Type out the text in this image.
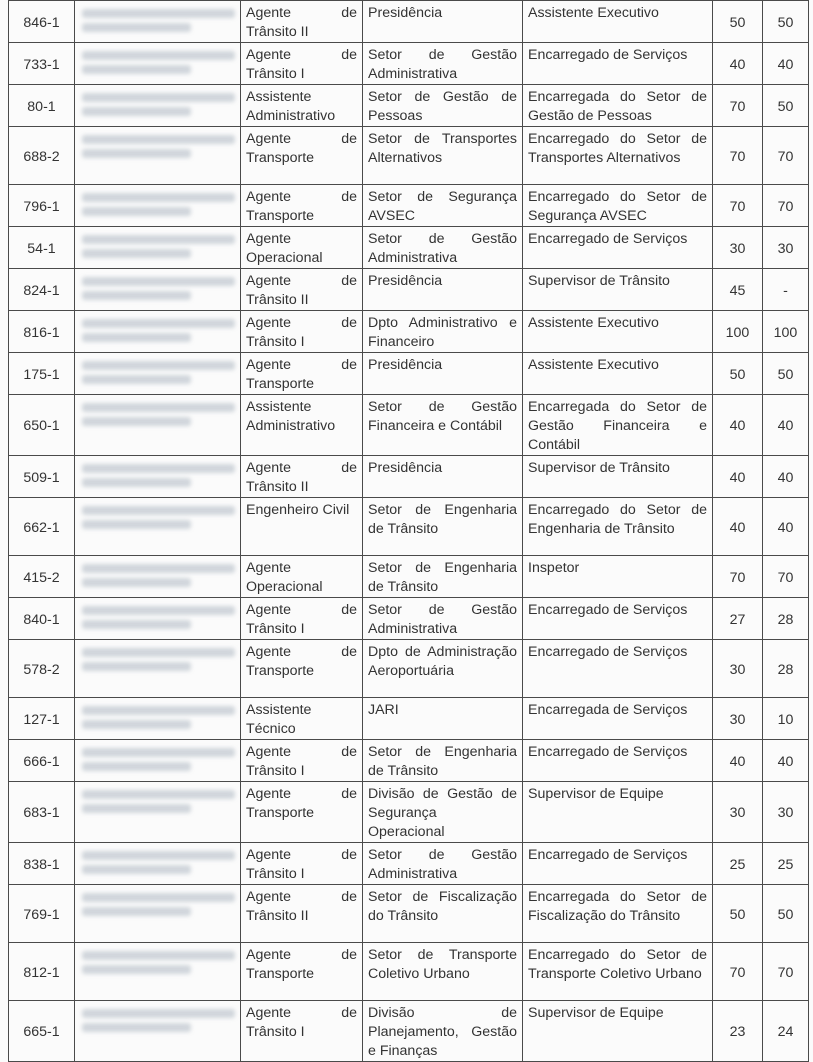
846-1		Agente de Trânsito II	Presidência	Assistente Executivo	50	50
733-1		Agente de Trânsito I	Setor de Gestão Administrativa	Encarregado de Serviços	40	40
80-1		Assistente Administrativo	Setor de Gestão de Pessoas	Encarregada do Setor de Gestão de Pessoas	70	50
688-2		Agente de Transporte	Setor de Transportes Alternativos	Encarregado do Setor de Transportes Alternativos	70	70
796-1		Agente de Transporte	Setor de Segurança AVSEC	Encarregado do Setor de Segurança AVSEC	70	70
54-1		Agente Operacional	Setor de Gestão Administrativa	Encarregado de Serviços	30	30
824-1		Agente de Trânsito II	Presidência	Supervisor de Trânsito	45	-
816-1		Agente de Trânsito I	Dpto Administrativo e Financeiro	Assistente Executivo	100	100
175-1		Agente de Transporte	Presidência	Assistente Executivo	50	50
650-1		Assistente Administrativo	Setor de Gestão Financeira e Contábil	Encarregada do Setor de Gestão Financeira e Contábil	40	40
509-1		Agente de Trânsito II	Presidência	Supervisor de Trânsito	40	40
662-1		Engenheiro Civil	Setor de Engenharia de Trânsito	Encarregado do Setor de Engenharia de Trânsito	40	40
415-2		Agente Operacional	Setor de Engenharia de Trânsito	Inspetor	70	70
840-1		Agente de Trânsito I	Setor de Gestão Administrativa	Encarregado de Serviços	27	28
578-2		Agente de Transporte	Dpto de Administração Aeroportuária	Encarregado de Serviços	30	28
127-1		Assistente Técnico	JARI	Encarregada de Serviços	30	10
666-1		Agente de Trânsito I	Setor de Engenharia de Trânsito	Encarregado de Serviços	40	40
683-1		Agente de Transporte	Divisão de Gestão de Segurança Operacional	Supervisor de Equipe	30	30
838-1		Agente de Trânsito I	Setor de Gestão Administrativa	Encarregado de Serviços	25	25
769-1		Agente de Trânsito II	Setor de Fiscalização do Trânsito	Encarregada do Setor de Fiscalização do Trânsito	50	50
812-1		Agente de Transporte	Setor de Transporte Coletivo Urbano	Encarregado do Setor de Transporte Coletivo Urbano	70	70
665-1		Agente de Trânsito I	Divisão de Planejamento, Gestão e Finanças	Supervisor de Equipe	23	24
